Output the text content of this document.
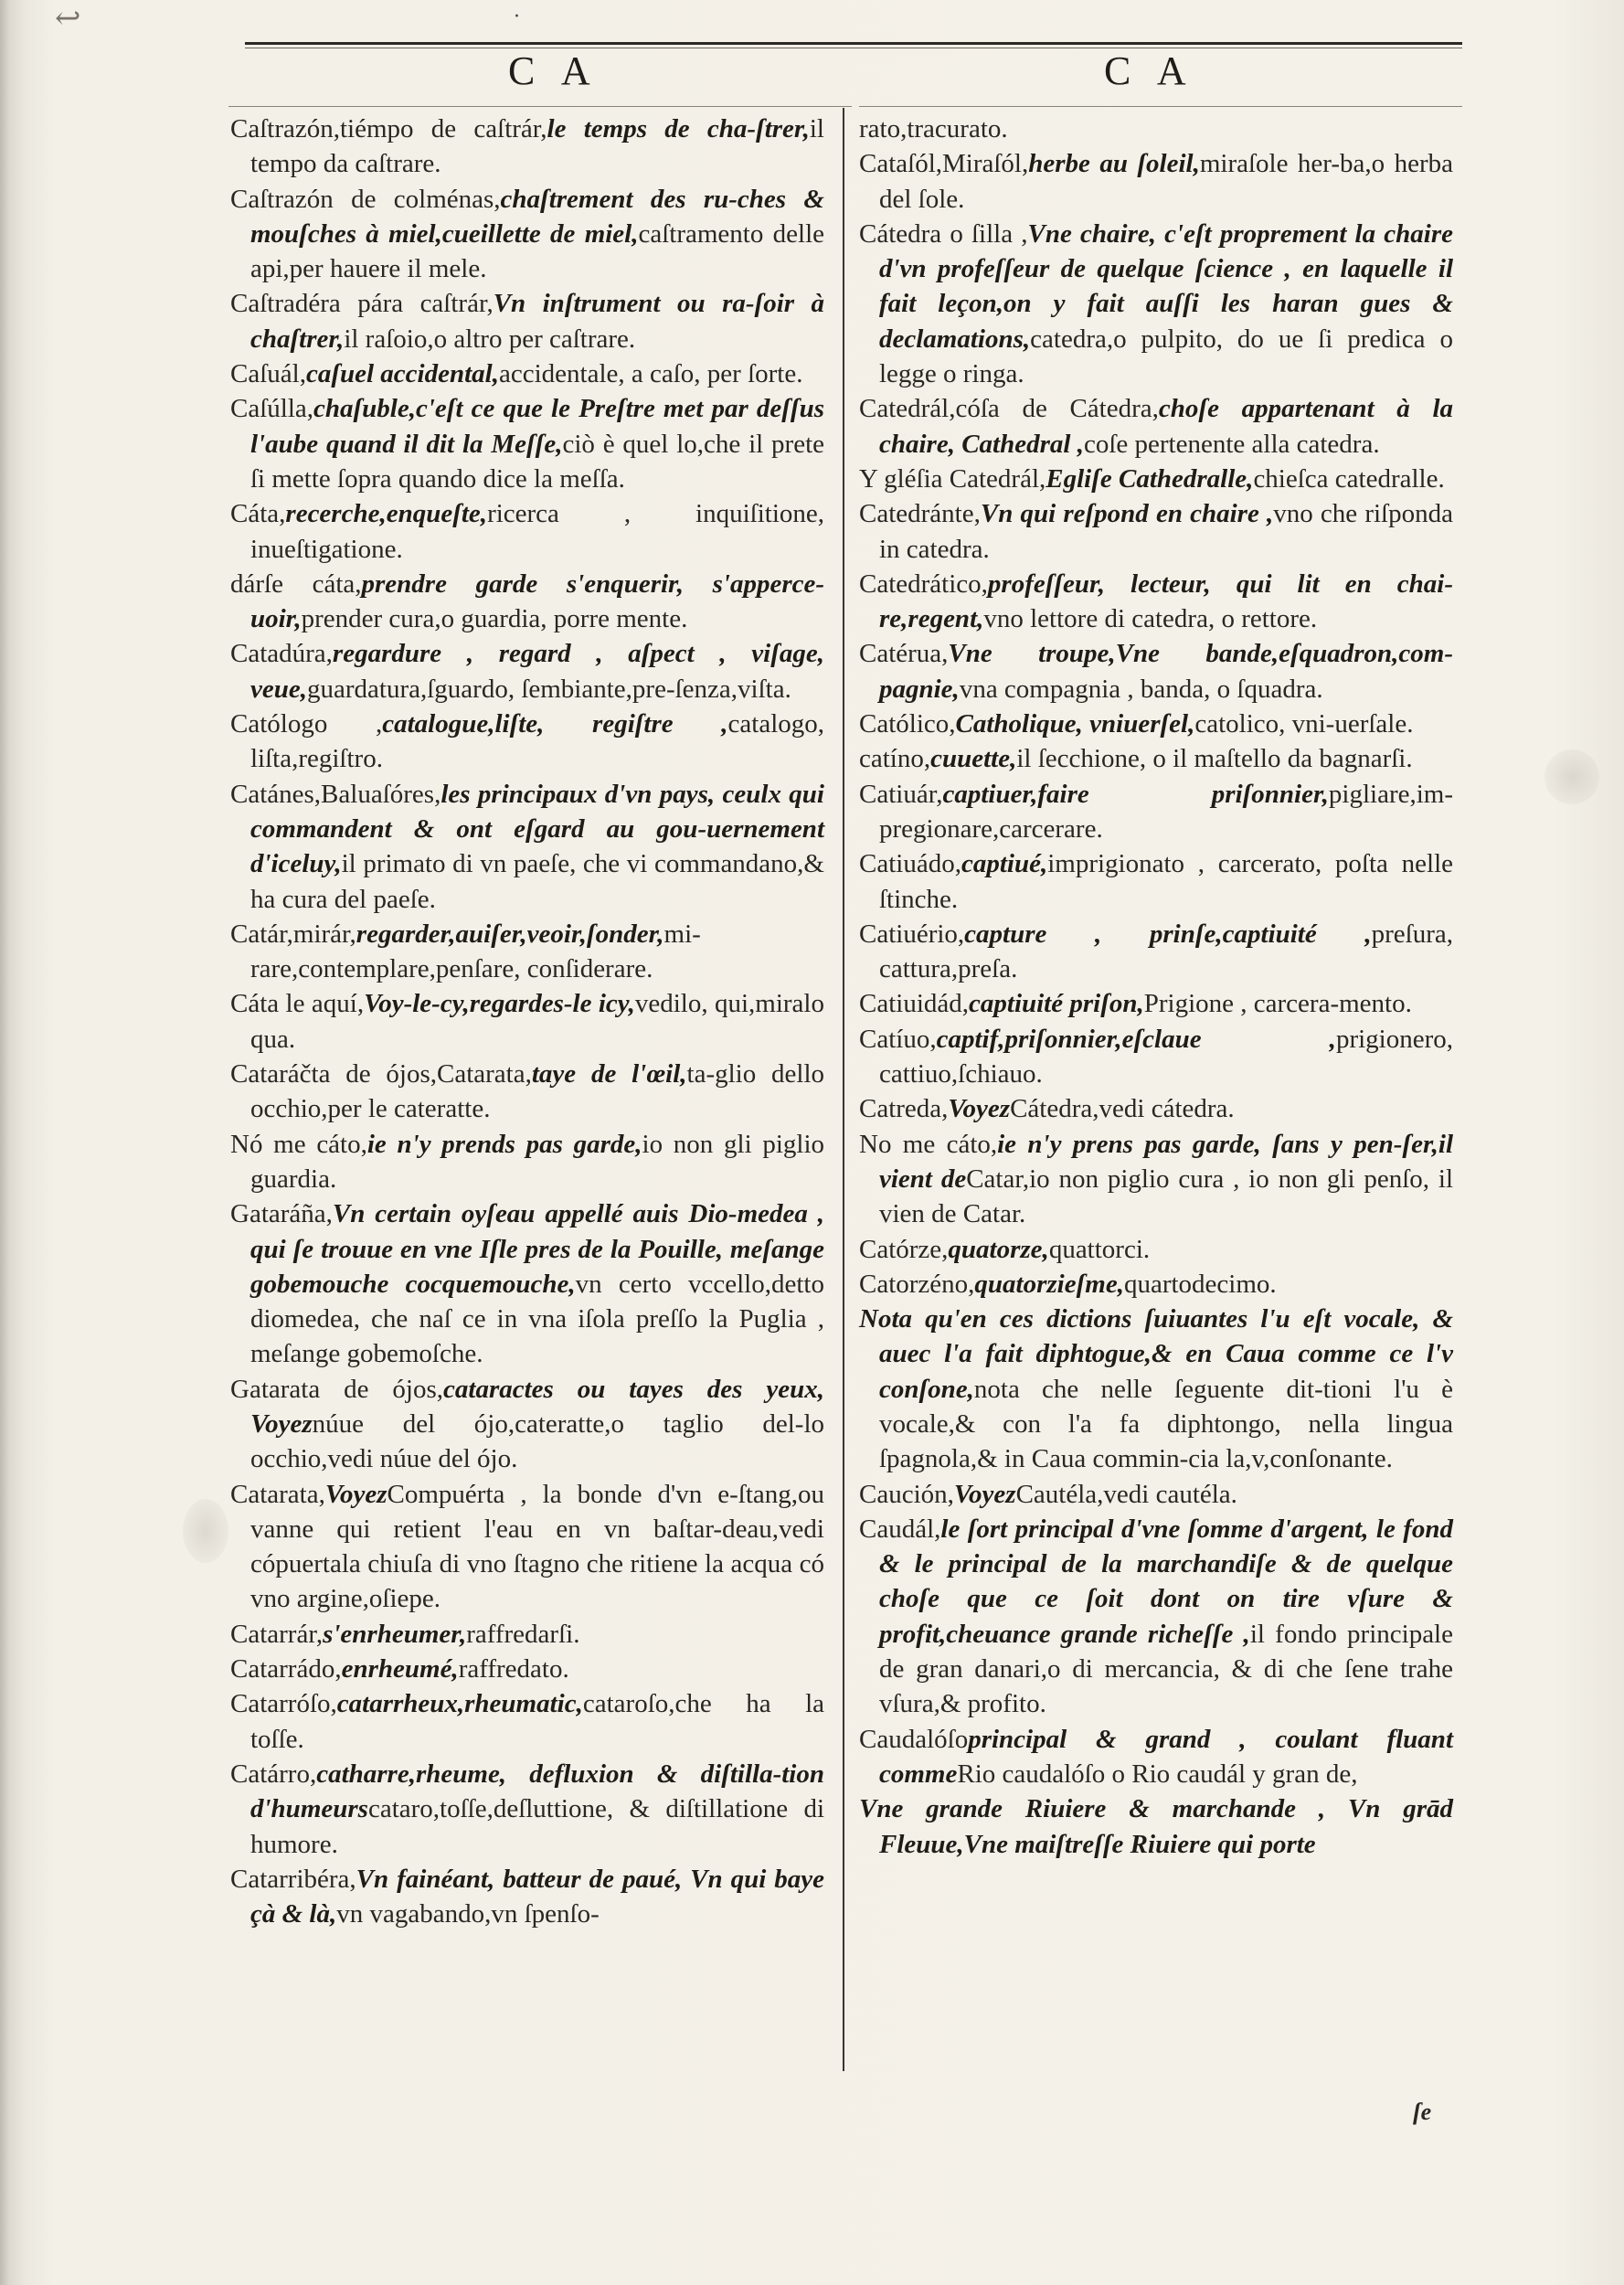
↩	·
C A	C A

Caſtrazón,tiémpo de caſtrár,le temps de cha-ſtrer,il tempo da caſtrare.

Caſtrazón de colménas,chaſtrement des ru-ches & mouſches à miel,cueillette de miel,caſtramento delle api,per hauere il mele.

Caſtradéra pára caſtrár,Vn inſtrument ou ra-ſoir à chaſtrer,il raſoio,o altro per caſtrare.

Caſuál,caſuel accidental,accidentale, a caſo, per ſorte.

Caſúlla,chaſuble,c'eſt ce que le Preſtre met par deſſus l'aube quand il dit la Meſſe,ciò è quel lo,che il prete ſi mette ſopra quando dice la meſſa.

Cáta,recerche,enqueſte,ricerca , inquiſitione, inueſtigatione.

dárſe cáta,prendre garde s'enquerir, s'apperce-uoir,prender cura,o guardia, porre mente.

Catadúra,regardure , regard , aſpect , viſage, veue,guardatura,ſguardo, ſembiante,pre-ſenza,viſta.

Católogo ,catalogue,liſte, regiſtre ,catalogo, liſta,regiſtro.

Catánes,Baluaſóres,les principaux d'vn pays, ceulx qui commandent & ont eſgard au gou-uernement d'iceluy,il primato di vn paeſe, che vi commandano,& ha cura del paeſe.

Catár,mirár,regarder,auiſer,veoir,ſonder,mi-rare,contemplare,penſare, conſiderare.

Cáta le aquí,Voy-le-cy,regardes-le icy,vedilo, qui,miralo qua.

Cataráčta de ójos,Catarata,taye de l'œil,ta-glio dello occhio,per le cateratte.

Nó me cáto,ie n'y prends pas garde,io non gli piglio guardia.

Gataráña,Vn certain oyſeau appellé auis Dio-medea , qui ſe trouue en vne Iſle pres de la Pouille, meſange gobemouche cocquemouche,vn certo vccello,detto diomedea, che naſ ce in vna iſola preſſo la Puglia , meſange gobemoſche.

Gatarata de ójos,cataractes ou tayes des yeux, Voyeznúue del ójo,cateratte,o taglio del-lo occhio,vedi núue del ójo.

Catarata,VoyezCompuérta , la bonde d'vn e-ſtang,ou vanne qui retient l'eau en vn baſtar-deau,vedi cópuertala chiuſa di vno ſtagno che ritiene la acqua có vno argine,oſiepe.

Catarrár,s'enrheumer,raffredarſi.

Catarrádo,enrheumé,raffredato.

Catarróſo,catarrheux,rheumatic,cataroſo,che ha la toſſe.

Catárro,catharre,rheume, defluxion & diſtilla-tion d'humeurscataro,toſſe,deſluttione, & diſtillatione di humore.

Catarribéra,Vn fainéant, batteur de paué, Vn qui baye çà & là,vn vagabando,vn ſpenſo-

rato,tracurato.

Cataſól,Miraſól,herbe au ſoleil,miraſole her-ba,o herba del ſole.

Cátedra o ſilla ,Vne chaire, c'eſt proprement la chaire d'vn profeſſeur de quelque ſcience , en laquelle il fait leçon,on y fait auſſi les haran gues & declamations,catedra,o pulpito, do ue ſi predica o legge o ringa.

Catedrál,cóſa de Cátedra,choſe appartenant à la chaire, Cathedral ,coſe pertenente alla catedra.

Y gléſia Catedrál,Egliſe Cathedralle,chieſca catedralle.

Catedránte,Vn qui reſpond en chaire ,vno che riſponda in catedra.

Catedrático,profeſſeur, lecteur, qui lit en chai-re,regent,vno lettore di catedra, o rettore.

Catérua,Vne troupe,Vne bande,eſquadron,com-pagnie,vna compagnia , banda, o ſquadra.

Católico,Catholique, vniuerſel,catolico, vni-uerſale.

catíno,cuuette,il ſecchione, o il maſtello da bagnarſi.

Catiuár,captiuer,faire priſonnier,pigliare,im-pregionare,carcerare.

Catiuádo,captiué,imprigionato , carcerato, poſta nelle ſtinche.

Catiuério,capture , prinſe,captiuité ,preſura, cattura,preſa.

Catiuidád,captiuité priſon,Prigione , carcera-mento.

Catíuo,captif,priſonnier,eſclaue ,prigionero, cattiuo,ſchiauo.

Catreda,VoyezCátedra,vedi cátedra.

No me cáto,ie n'y prens pas garde, ſans y pen-ſer,il vient deCatar,io non piglio cura , io non gli penſo, il vien de Catar.

Catórze,quatorze,quattorci.

Catorzéno,quatorzieſme,quartodecimo.

Nota qu'en ces dictions ſuiuantes l'u eſt vocale, & auec l'a fait diphtogue,& en Caua comme ce l'v conſone,nota che nelle ſeguente dit-tioni l'u è vocale,& con l'a fa diphtongo, nella lingua ſpagnola,& in Caua commin-cia la,v,conſonante.

Caución,VoyezCautéla,vedi cautéla.

Caudál,le ſort principal d'vne ſomme d'argent, le fond & le principal de la marchandiſe & de quelque choſe que ce ſoit dont on tire vſure & profit,cheuance grande richeſſe ,il fondo principale de gran danari,o di mercancia, & di che ſene trahe vſura,& profito.

Caudalóſoprincipal & grand , coulant fluant commeRio caudalóſo o Rio caudál y gran de,

Vne grande Riuiere & marchande , Vn grād Fleuue,Vne maiſtreſſe Riuiere qui porte

ſe
